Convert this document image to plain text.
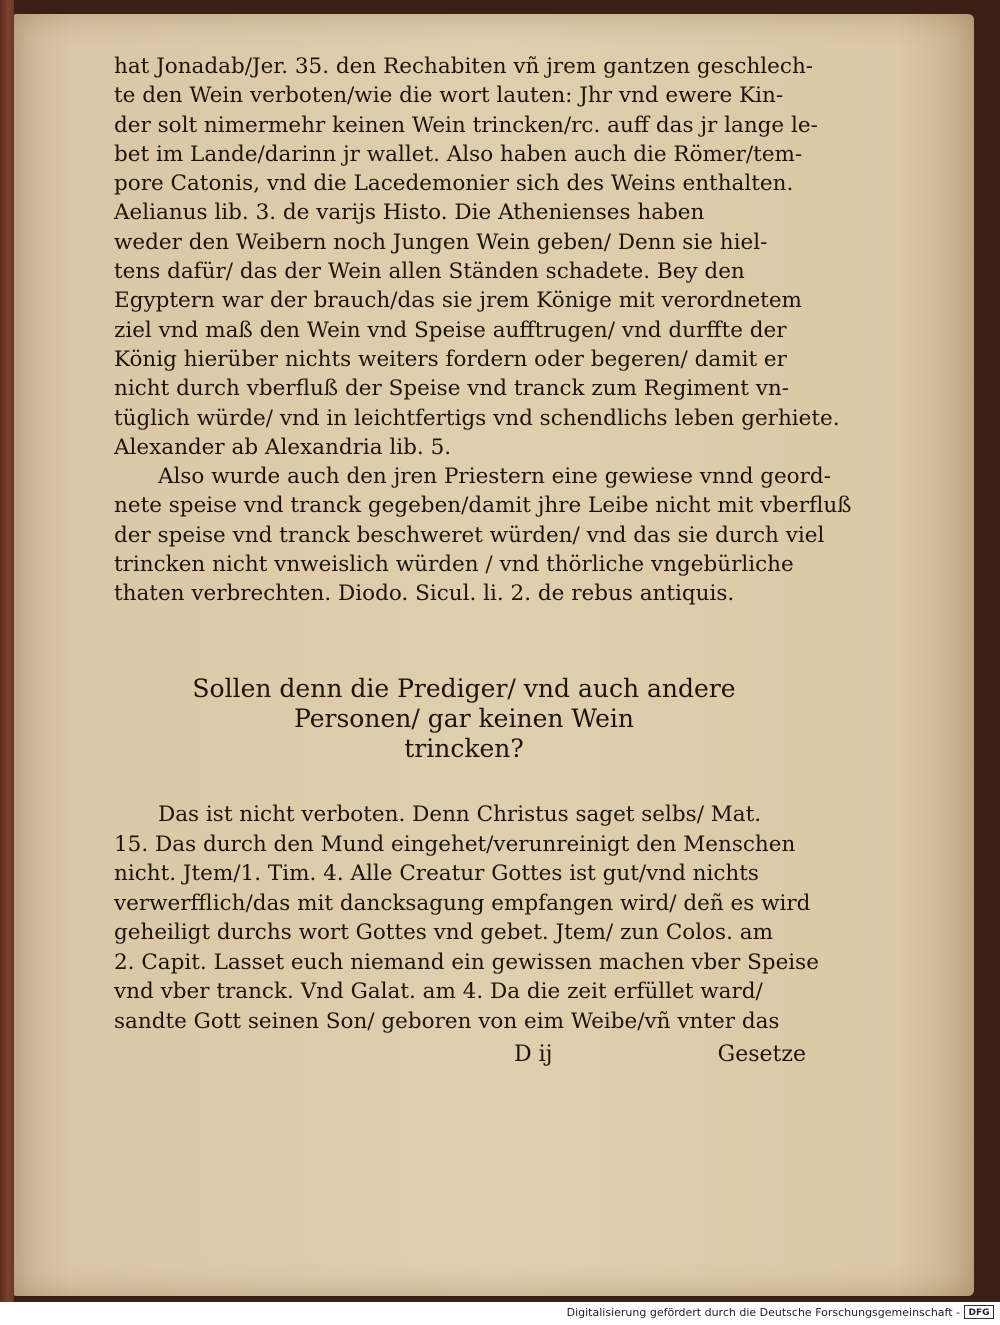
hat Jonadab/Jer. 35. den Rechabiten vñ jrem gantzen geschlech-
te den Wein verboten/wie die wort lauten: Jhr vnd ewere Kin-
der solt nimermehr keinen Wein trincken/rc. auff das jr lange le-
bet im Lande/darinn jr wallet. Also haben auch die Römer/tem-
pore Catonis, vnd die Lacedemonier sich des Weins enthalten.
Aelianus lib. 3. de varijs Histo. Die Athenienses haben
weder den Weibern noch Jungen Wein geben/ Denn sie hiel-
tens dafür/ das der Wein allen Ständen schadete. Bey den
Egyptern war der brauch/das sie jrem Könige mit verordnetem
ziel vnd maß den Wein vnd Speise aufftrugen/ vnd durffte der
König hierüber nichts weiters fordern oder begeren/ damit er
nicht durch vberfluß der Speise vnd tranck zum Regiment vn-
tüglich würde/ vnd in leichtfertigs vnd schendlichs leben gerhiete.
Alexander ab Alexandria lib. 5.

Also wurde auch den jren Priestern eine gewiese vnnd geord-
nete speise vnd tranck gegeben/damit jhre Leibe nicht mit vberfluß
der speise vnd tranck beschweret würden/ vnd das sie durch viel
trincken nicht vnweislich würden / vnd thörliche vngebürliche
thaten verbrechten. Diodo. Sicul. li. 2. de rebus antiquis.

Sollen denn die Prediger/ vnd auch andere
Personen/ gar keinen Wein
trincken?
Das ist nicht verboten. Denn Christus saget selbs/ Mat.
15. Das durch den Mund eingehet/verunreinigt den Menschen
nicht. Jtem/1. Tim. 4. Alle Creatur Gottes ist gut/vnd nichts
verwerfflich/das mit dancksagung empfangen wird/ deñ es wird
geheiligt durchs wort Gottes vnd gebet. Jtem/ zun Colos. am
2. Capit. Lasset euch niemand ein gewissen machen vber Speise
vnd vber tranck. Vnd Galat. am 4. Da die zeit erfüllet ward/
sandte Gott seinen Son/ geboren von eim Weibe/vñ vnter das
D ij	Gesetze
Digitalisierung gefördert durch die Deutsche Forschungsgemeinschaft - DFG
